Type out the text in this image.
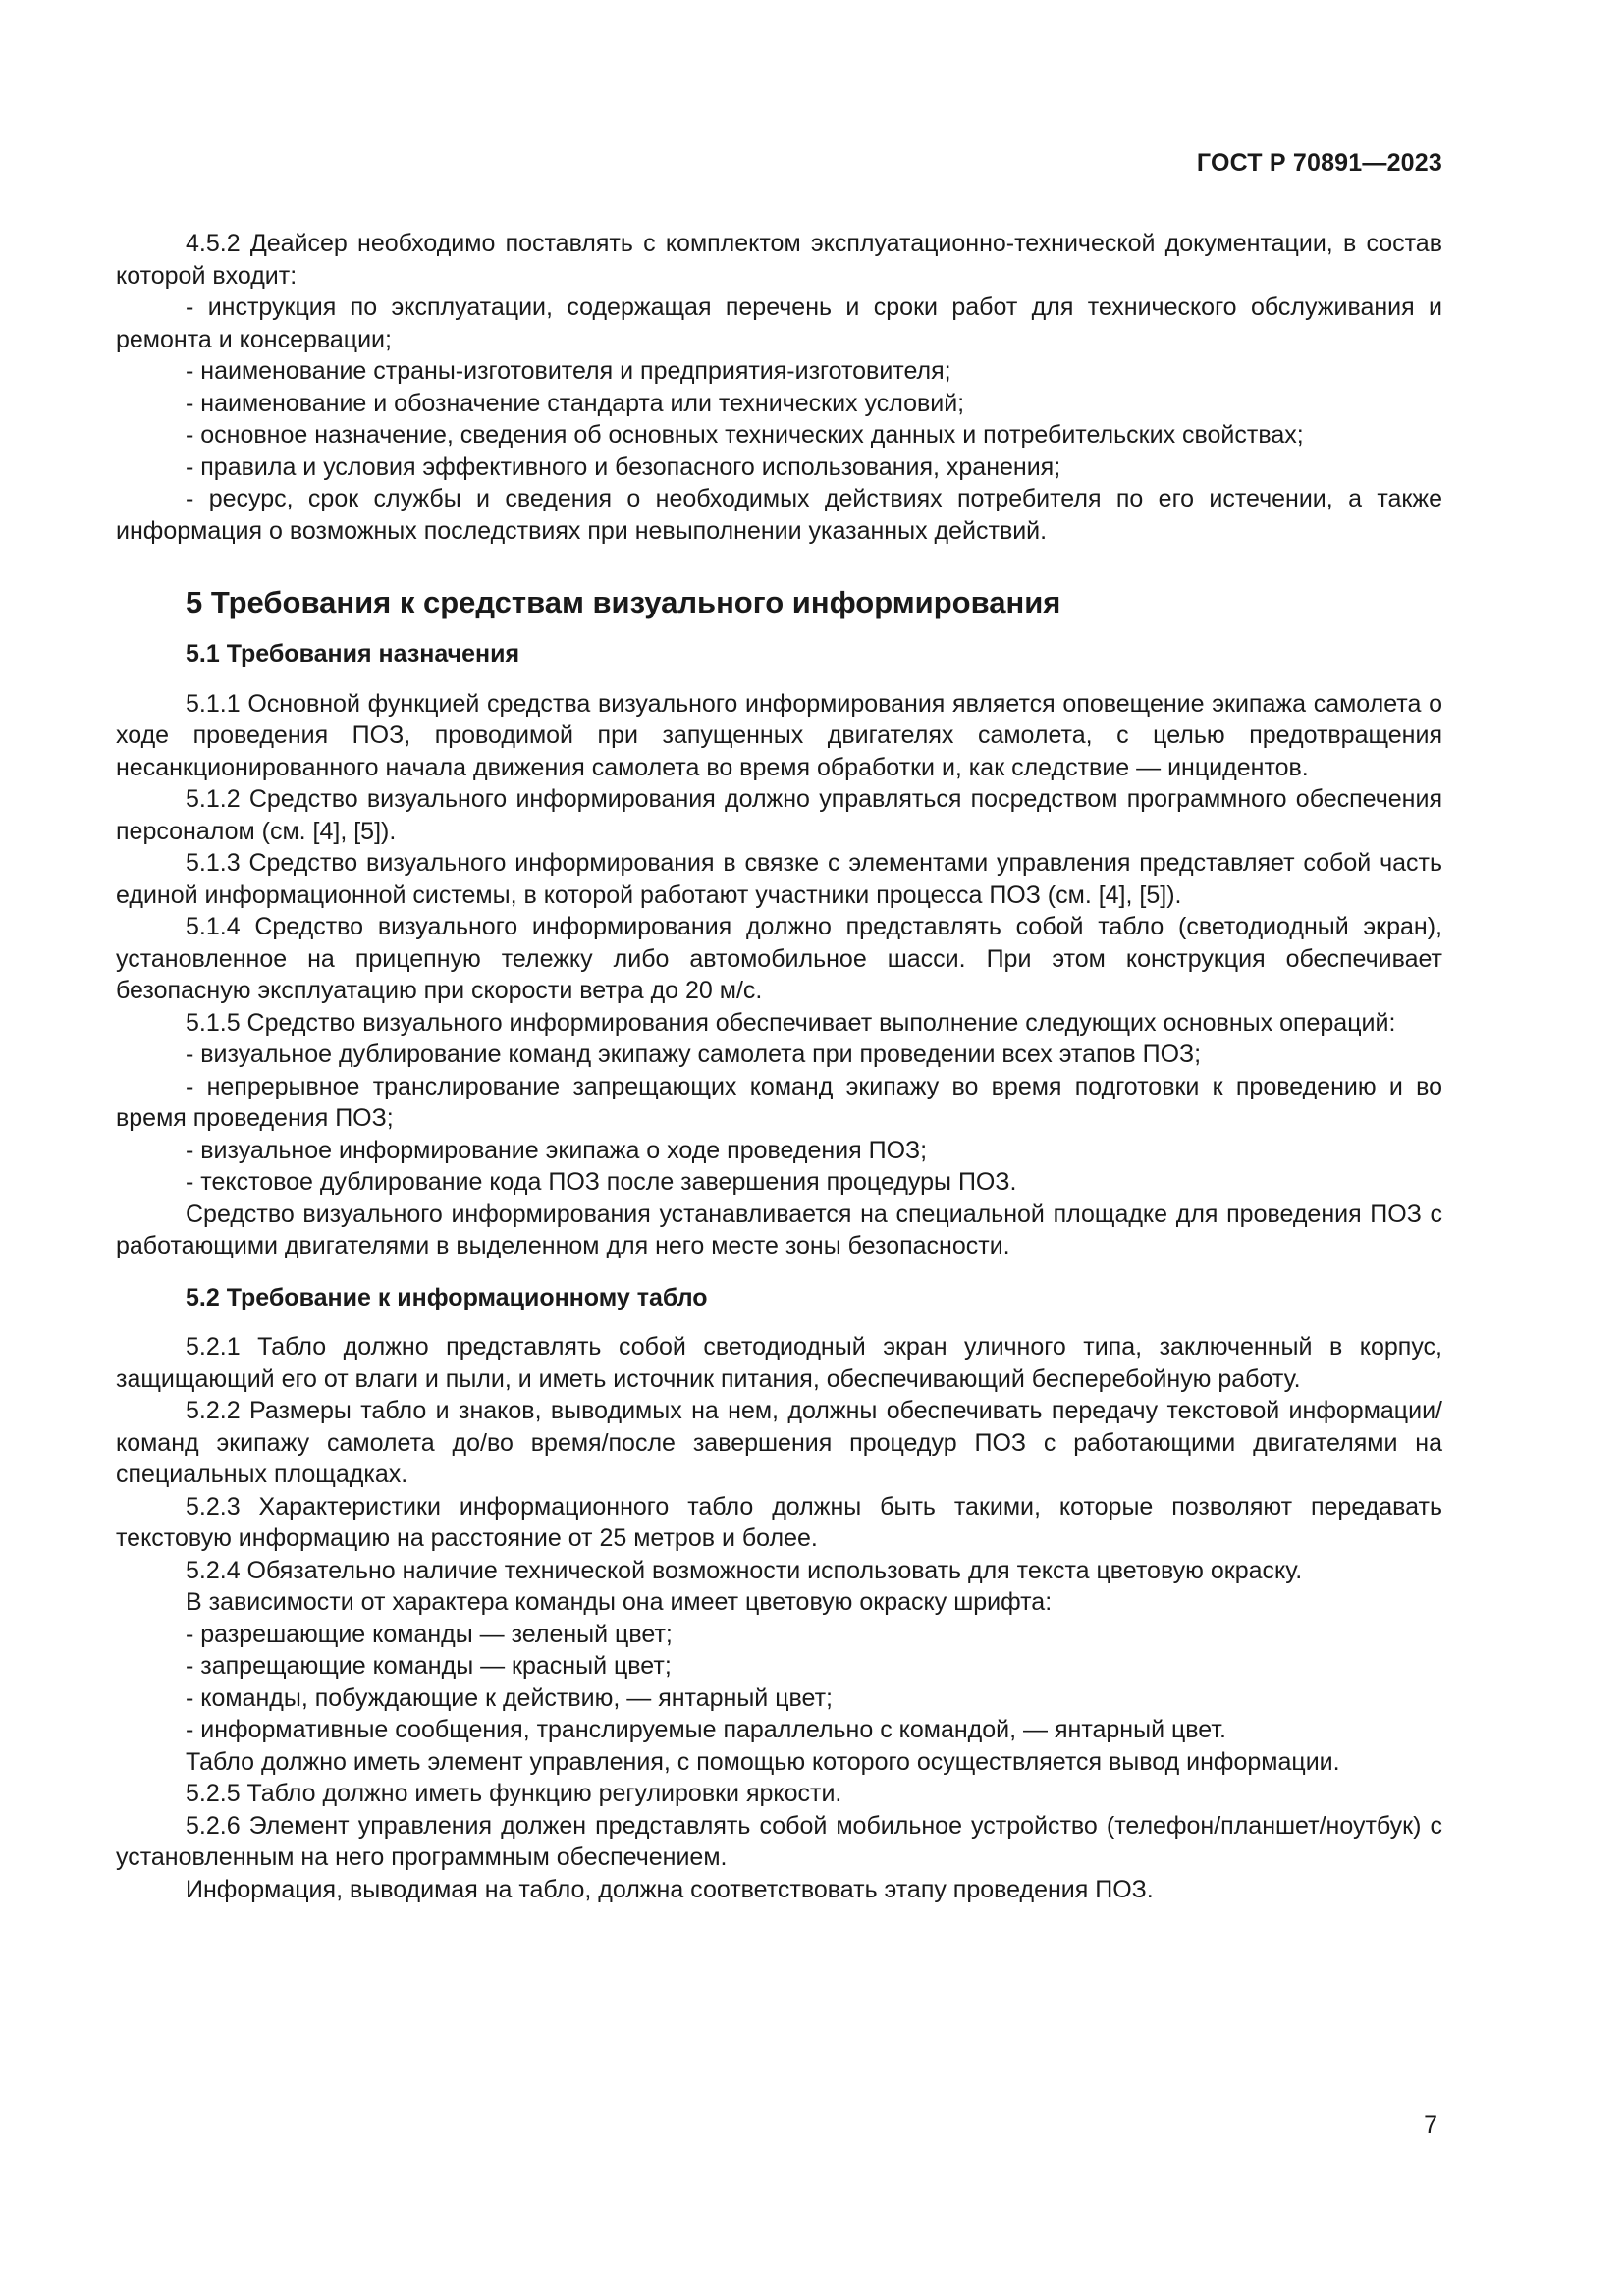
ГОСТ Р 70891—2023

4.5.2 Деайсер необходимо поставлять с комплектом эксплуатационно-технической документации, в состав которой входит:

- инструкция по эксплуатации, содержащая перечень и сроки работ для технического обслуживания и ремонта и консервации;

- наименование страны-изготовителя и предприятия-изготовителя;

- наименование и обозначение стандарта или технических условий;

- основное назначение, сведения об основных технических данных и потребительских свойствах;

- правила и условия эффективного и безопасного использования, хранения;

- ресурс, срок службы и сведения о необходимых действиях потребителя по его истечении, а также информация о возможных последствиях при невыполнении указанных действий.

5 Требования к средствам визуального информирования
5.1 Требования назначения

5.1.1 Основной функцией средства визуального информирования является оповещение экипажа самолета о ходе проведения ПОЗ, проводимой при запущенных двигателях самолета, с целью предотвращения несанкционированного начала движения самолета во время обработки и, как следствие — инцидентов.

5.1.2 Средство визуального информирования должно управляться посредством программного обеспечения персоналом (см. [4], [5]).

5.1.3 Средство визуального информирования в связке с элементами управления представляет собой часть единой информационной системы, в которой работают участники процесса ПОЗ (см. [4], [5]).

5.1.4 Средство визуального информирования должно представлять собой табло (светодиодный экран), установленное на прицепную тележку либо автомобильное шасси. При этом конструкция обеспечивает безопасную эксплуатацию при скорости ветра до 20 м/с.

5.1.5 Средство визуального информирования обеспечивает выполнение следующих основных операций:

- визуальное дублирование команд экипажу самолета при проведении всех этапов ПОЗ;

- непрерывное транслирование запрещающих команд экипажу во время подготовки к проведению и во время проведения ПОЗ;

- визуальное информирование экипажа о ходе проведения ПОЗ;

- текстовое дублирование кода ПОЗ после завершения процедуры ПОЗ.

Средство визуального информирования устанавливается на специальной площадке для проведения ПОЗ с работающими двигателями в выделенном для него месте зоны безопасности.

5.2 Требование к информационному табло

5.2.1 Табло должно представлять собой светодиодный экран уличного типа, заключенный в корпус, защищающий его от влаги и пыли, и иметь источник питания, обеспечивающий бесперебойную работу.

5.2.2 Размеры табло и знаков, выводимых на нем, должны обеспечивать передачу текстовой информации/команд экипажу самолета до/во время/после завершения процедур ПОЗ с работающими двигателями на специальных площадках.

5.2.3 Характеристики информационного табло должны быть такими, которые позволяют передавать текстовую информацию на расстояние от 25 метров и более.

5.2.4 Обязательно наличие технической возможности использовать для текста цветовую окраску.

В зависимости от характера команды она имеет цветовую окраску шрифта:

- разрешающие команды — зеленый цвет;

- запрещающие команды — красный цвет;

- команды, побуждающие к действию, — янтарный цвет;

- информативные сообщения, транслируемые параллельно с командой, — янтарный цвет.

Табло должно иметь элемент управления, с помощью которого осуществляется вывод информации.

5.2.5 Табло должно иметь функцию регулировки яркости.

5.2.6 Элемент управления должен представлять собой мобильное устройство (телефон/планшет/ноутбук) с установленным на него программным обеспечением.

Информация, выводимая на табло, должна соответствовать этапу проведения ПОЗ.

7
